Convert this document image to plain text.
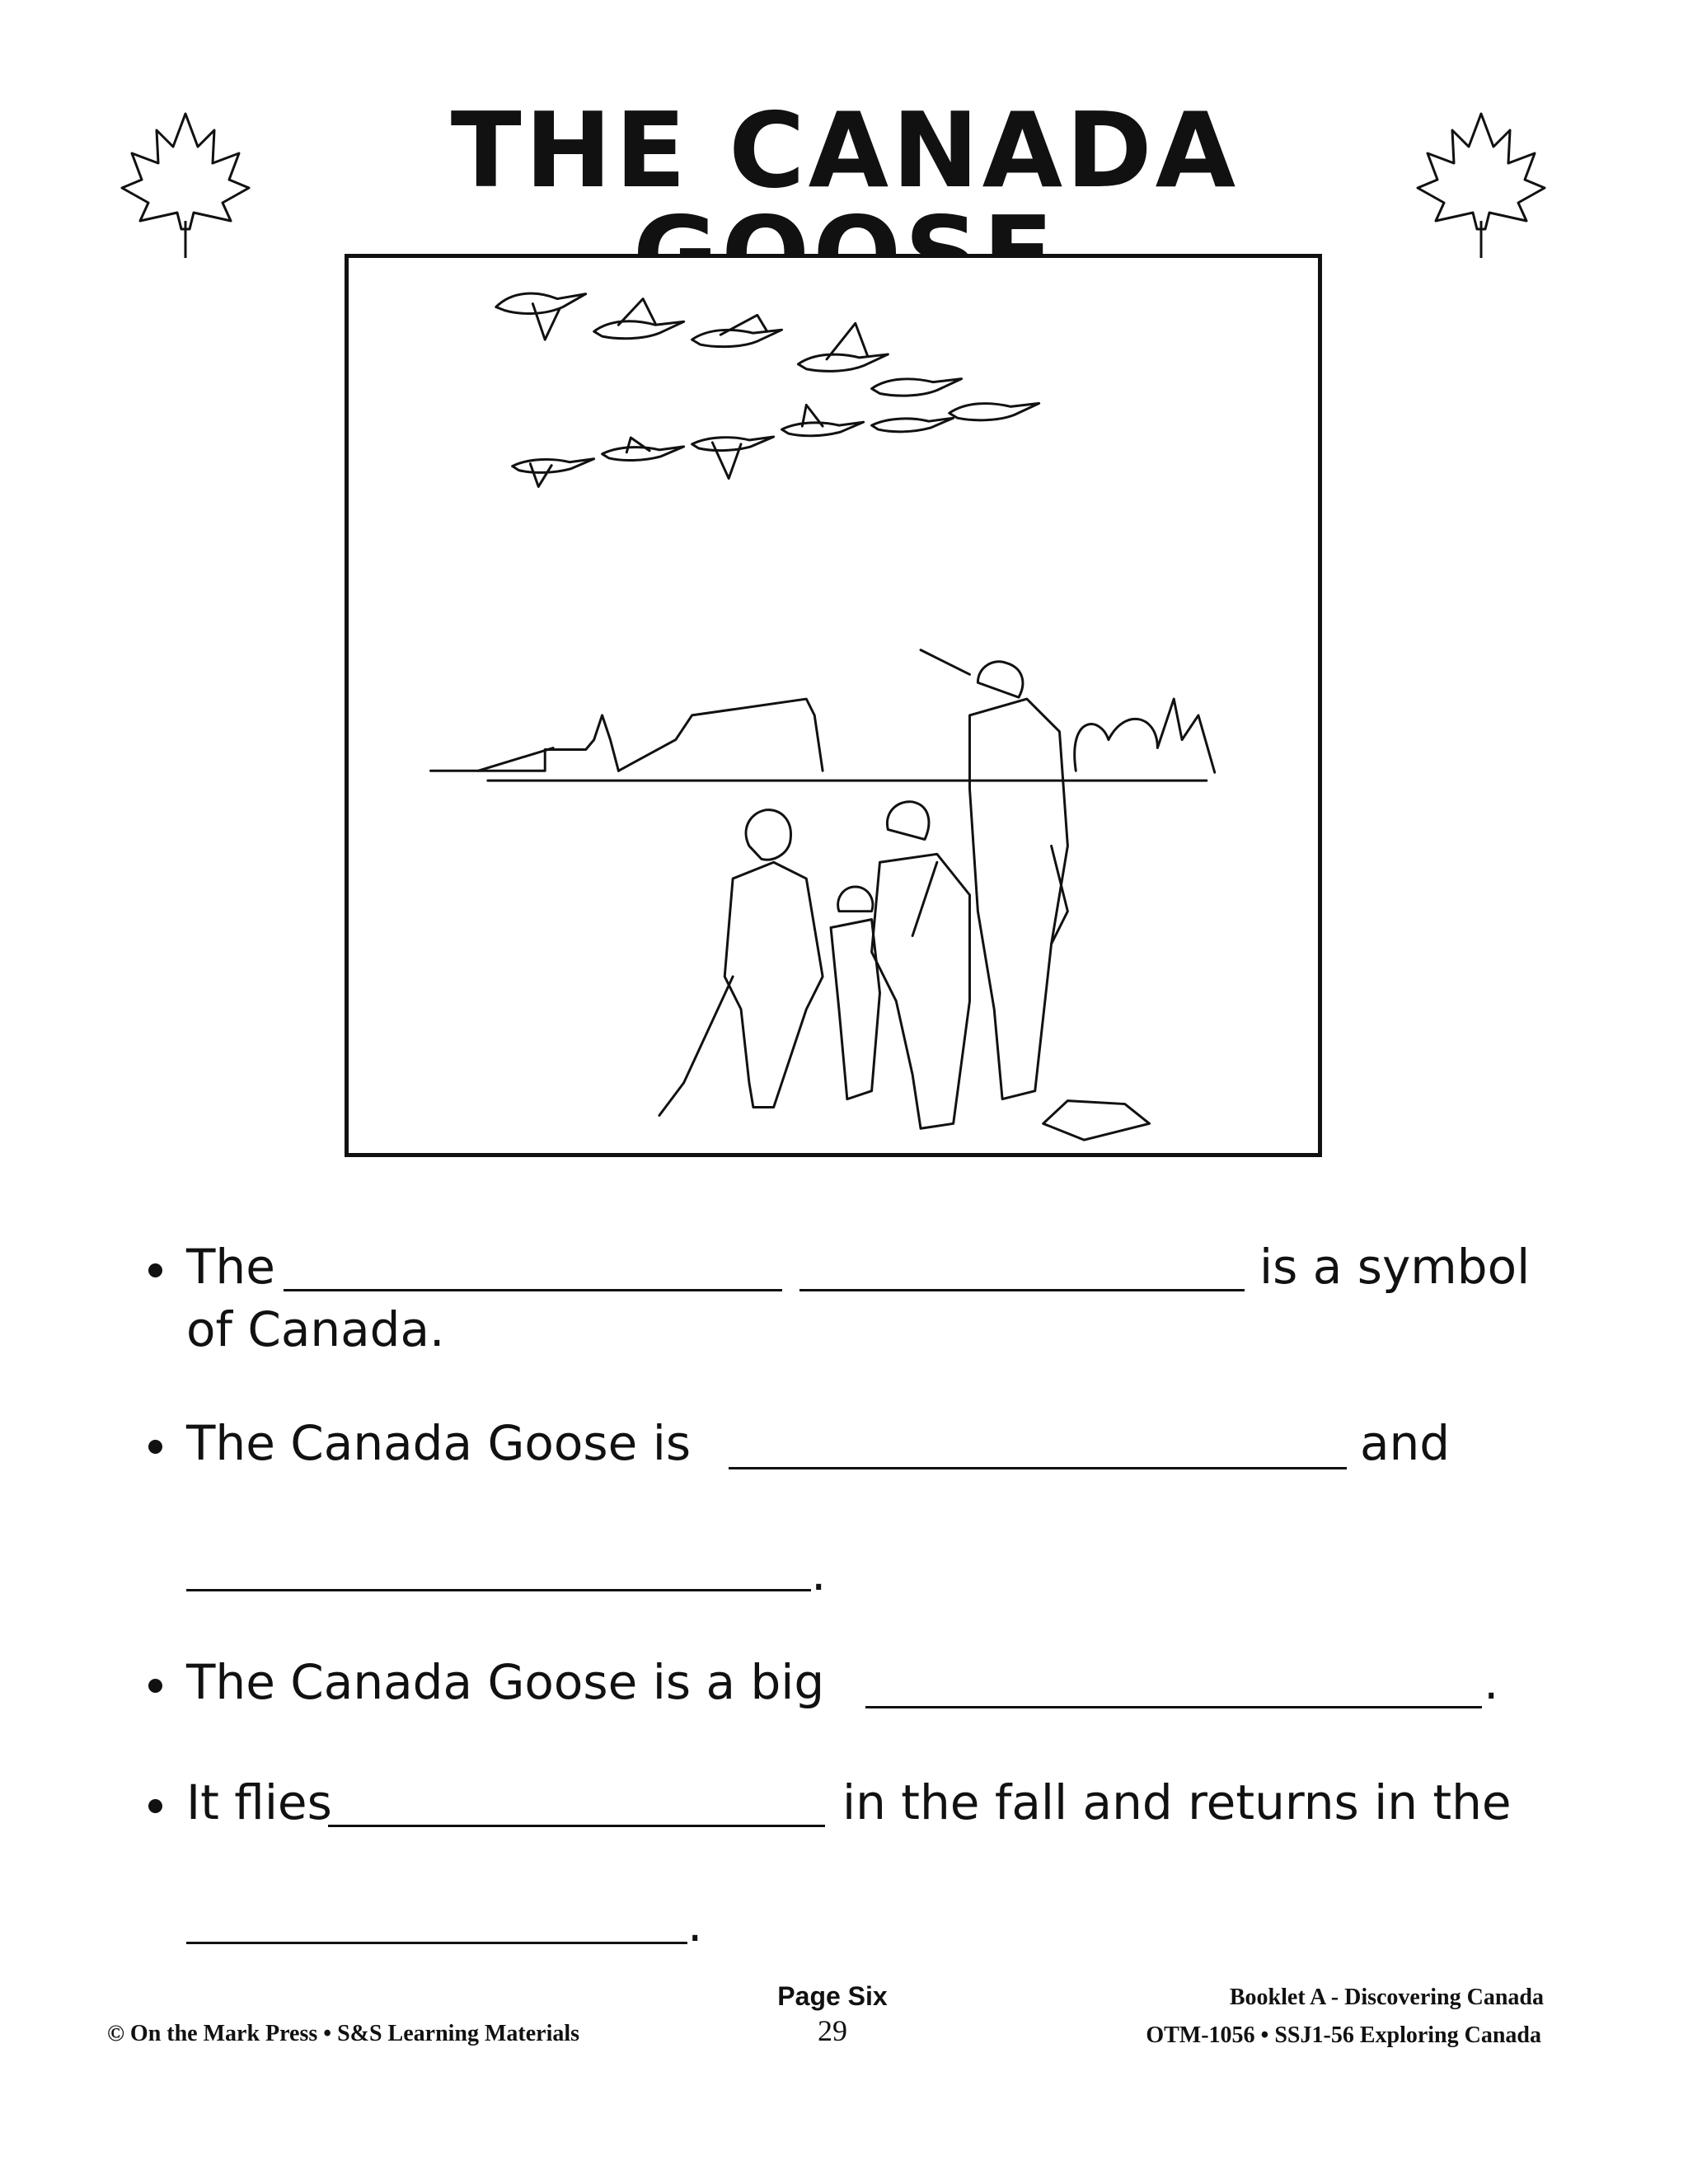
THE CANADA
The	is a symbol
of Canada.
The Canada Goose is	and
.
The Canada Goose is a big	.
It flies	in the fall and returns in the
.
© On the Mark Press • S&S Learning Materials
Page Six
29
Booklet A - Discovering Canada
OTM-1056 • SSJ1-56 Exploring Canada
